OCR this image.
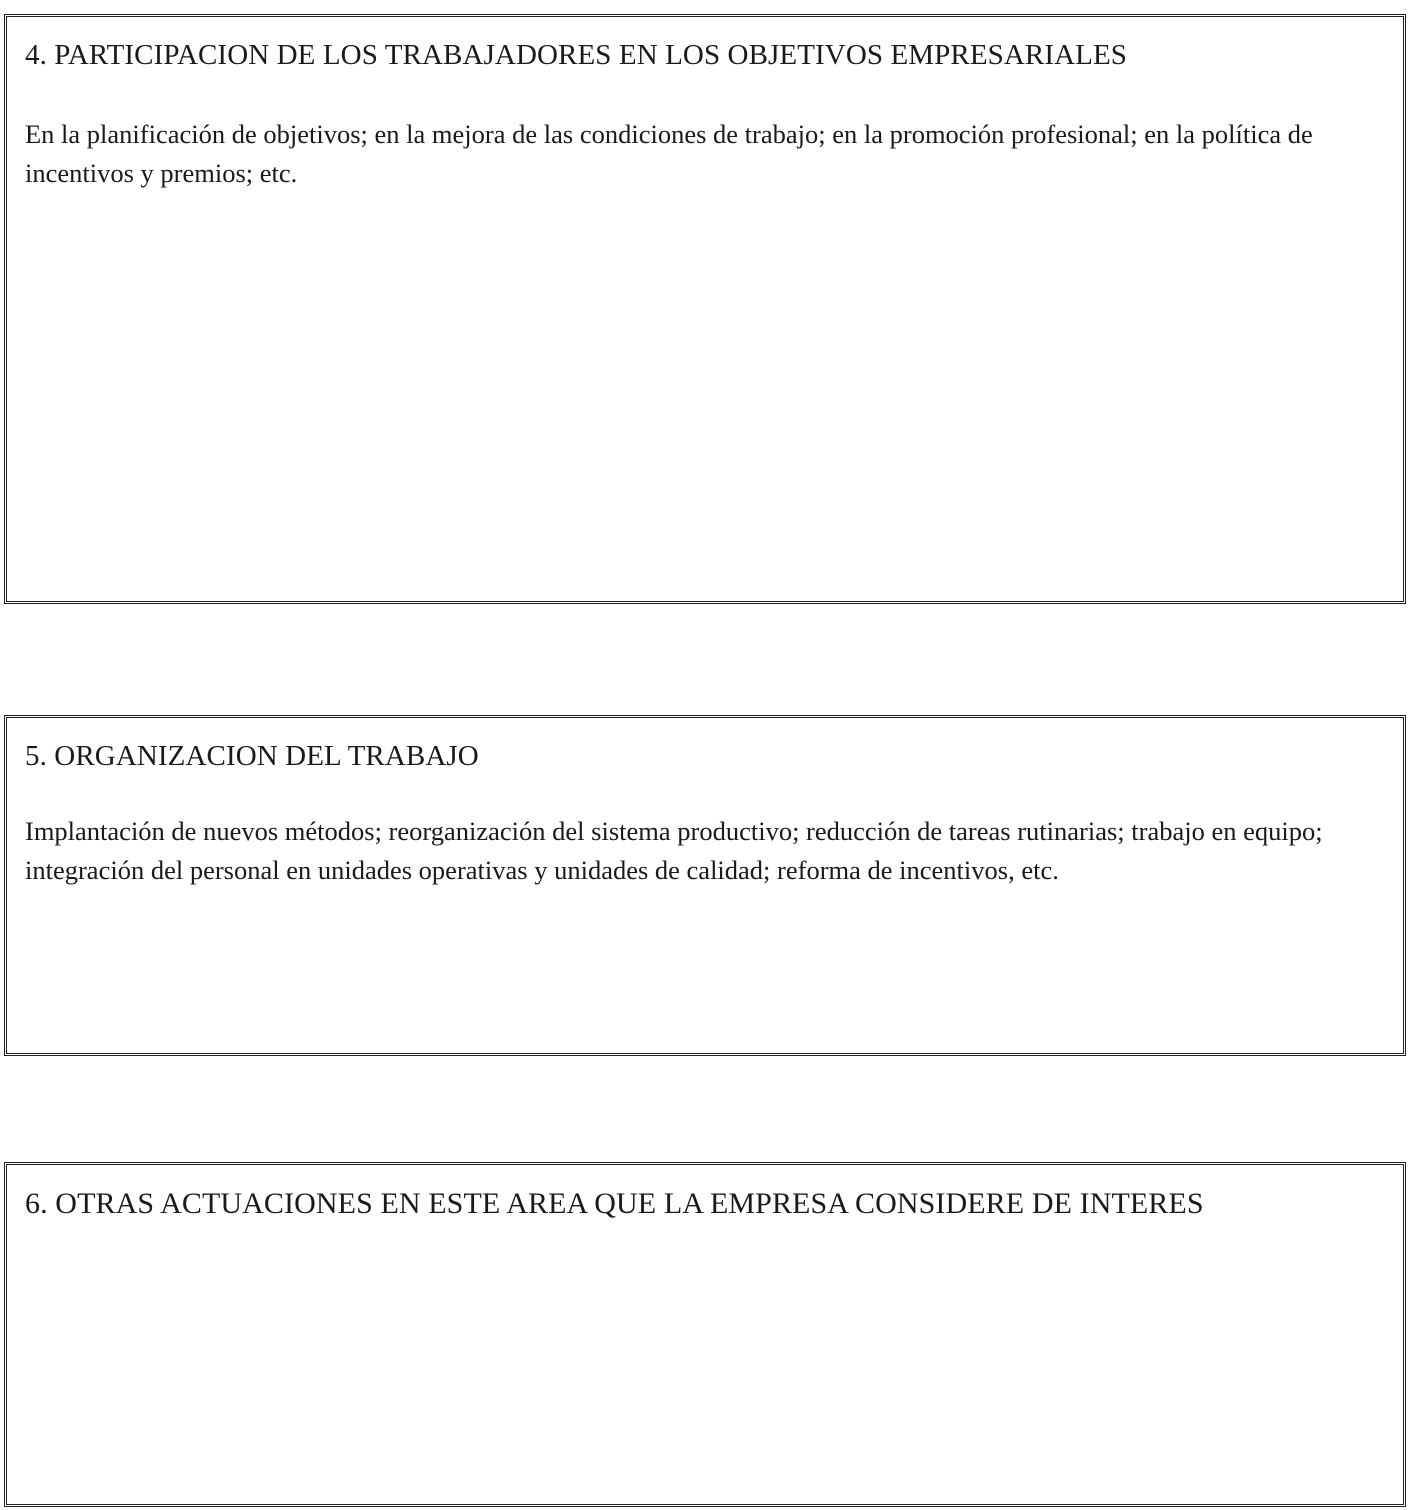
4. PARTICIPACION DE LOS TRABAJADORES EN LOS OBJETIVOS EMPRESARIALES

En la planificación de objetivos; en la mejora de las condiciones de trabajo; en la promoción profesional; en la política de incentivos y premios; etc.

5. ORGANIZACION DEL TRABAJO

Implantación de nuevos métodos; reorganización del sistema productivo; reducción de tareas rutinarias; trabajo en equipo; integración del personal en unidades operativas y unidades de calidad; reforma de incentivos, etc.

6. OTRAS ACTUACIONES EN ESTE AREA QUE LA EMPRESA CONSIDERE DE INTERES
